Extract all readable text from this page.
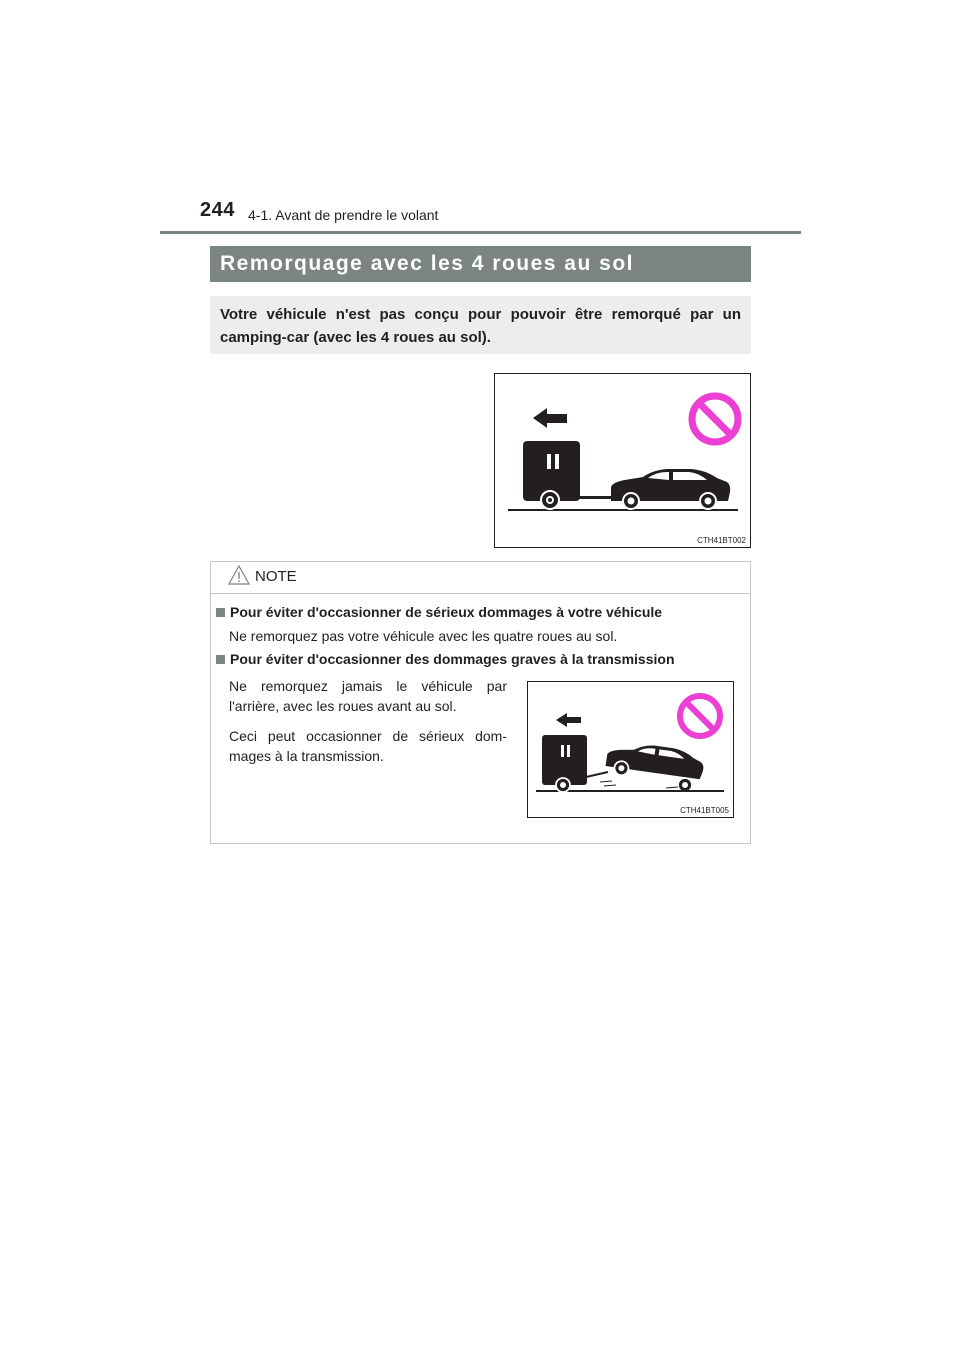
244 4-1. Avant de prendre le volant
Remorquage avec les 4 roues au sol
Votre véhicule n'est pas conçu pour pouvoir être remorqué par un camping-car (avec les 4 roues au sol).
CTH41BT002
NOTE
Pour éviter d'occasionner de sérieux dommages à votre véhicule
Ne remorquez pas votre véhicule avec les quatre roues au sol.
Pour éviter d'occasionner des dommages graves à la transmission
Ne remorquez jamais le véhicule par l'arrière, avec les roues avant au sol.
Ceci peut occasionner de sérieux dom-mages à la transmission.
CTH41BT005
